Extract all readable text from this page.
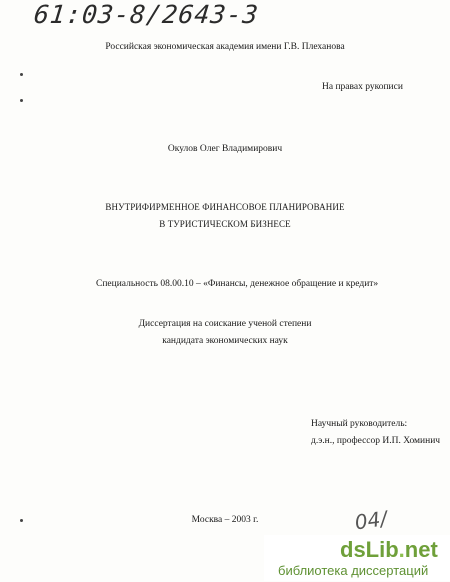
61:03-8/2643-3
Российская экономическая академия имени Г.В. Плеханова
На правах рукописи
Окулов Олег Владимирович
ВНУТРИФИРМЕННОЕ ФИНАНСОВОЕ ПЛАНИРОВАНИЕ
В ТУРИСТИЧЕСКОМ БИЗНЕСЕ
Специальность 08.00.10 – «Финансы, денежное обращение и кредит»
Диссертация на соискание ученой степени
кандидата экономических наук
Научный руководитель:
д.э.н., профессор И.П. Хоминич
Москва – 2003 г.	04/
dsLib.net
библиотека диссертаций
